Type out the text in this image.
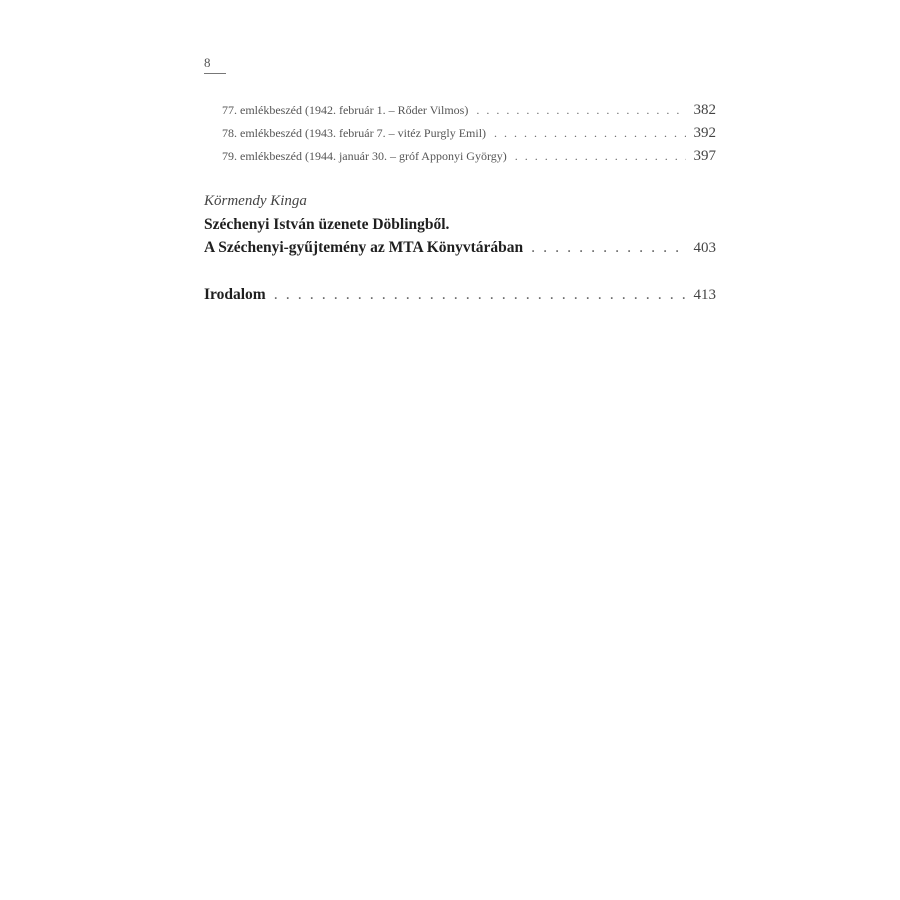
8
77. emlékbeszéd (1942. február 1. – Rőder Vilmos) . . .	382
78. emlékbeszéd (1943. február 7. – vitéz Purgly Emil) . . .	392
79. emlékbeszéd (1944. január 30. – gróf Apponyi György) . . .	397
Körmendy Kinga
Széchenyi István üzenete Döblingből.
A Széchenyi-gyűjtemény az MTA Könyvtárában . . .	403
Irodalom . . .	413
